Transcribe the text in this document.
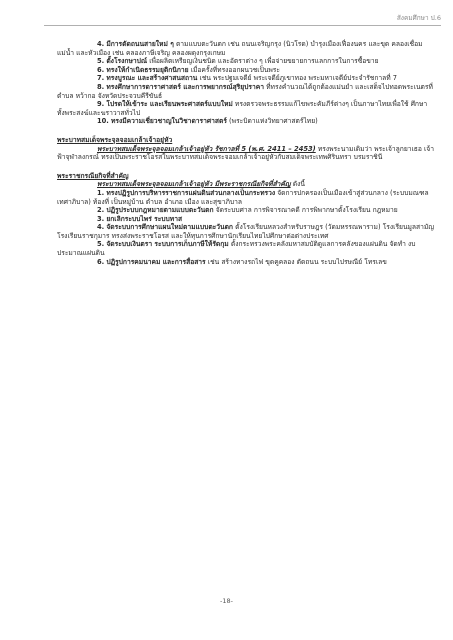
สังคมศึกษา ป.6

4. มีการตัดถนนสายใหม่ ๆ ตามแบบตะวันตก เช่น ถนนเจริญกรุง (นิวโรด) บำรุงเมืองเฟื่องนคร และขุด คลองเชื่อมแม่น้ำ และหัวเมือง เช่น คลองภาษีเจริญ คลองผดุงกรุงเกษม

5. ตั้งโรงกษาปณ์ เพื่อผลิตเหรียญเงินชนิด และอัตราต่าง ๆ เพื่อจ่ายขยายการแลกการในการซื้อขาย

6. ทรงให้กำเนิดธรรมยุติกนิกาย เมื่อครั้งที่ทรงออกผนวชเป็นพระ

7. ทรงบูรณะ และสร้างศาสนสถาน เช่น พระปฐมเจดีย์ พระเจดีย์ภูเขาทอง พระมหาเจดีย์ประจำรัชกาลที่ 7

8. ทรงศึกษาการดาราศาสตร์ และการพยากรณ์สุริยุปราคา ที่ทรงคำนวณได้ถูกต้องแม่นยำ และเสด็จไปทอดพระเนตรที่ตำบล หว้ากอ จังหวัดประจวบคีรีขันธ์

9. โปรดให้เข้าระ และเรียนพระศาสตร์แบบใหม่ ทรงตรวจพระธรรมแก้ไขพระคัมภีร์ต่างๆ เป็นภาษาไทยเพื่อใช้ ศึกษาทั้งพระสงฆ์และฆราวาสทั่วไป

10. ทรงมีความเชี่ยวชาญในวิชาดาราศาสตร์ (พระบิดาแห่งวิทยาศาสตร์ไทย)

พระบาทสมเด็จพระจุลจอมเกล้าเจ้าอยู่หัว

พระบาทสมเด็จพระจุลจอมเกล้าเจ้าอยู่หัว รัชกาลที่ 5 (พ.ศ. 2411 – 2453) ทรงพระนามเดิมว่า พระเจ้าลูกยาเธอ เจ้าฟ้าจุฬาลงกรณ์ ทรงเป็นพระราชโอรสในพระบาทสมเด็จพระจอมเกล้าเจ้าอยู่หัวกับสมเด็จพระเทพศิรินทรา บรมราชินี

พระราชกรณียกิจที่สำคัญ

พระบาทสมเด็จพระจุลจอมเกล้าเจ้าอยู่หัว มีพระราชกรณียกิจที่สำคัญ ดังนี้

1. ทรงปฏิรูปการบริหารราชการแผ่นดินส่วนกลางเป็นกระทรวง จัดการปกครองเป็นเมืองเข้าสู่ส่วนกลาง (ระบบมณฑลเทศาภิบาล) ท้องที่ เป็นหมู่บ้าน ตำบล อำเภอ เมือง และสุขาภิบาล

2. ปฏิรูประบบกฎหมายตามแบบตะวันตก จัดระบบศาล การพิจารณาคดี การพิพากษาตั้งโรงเรียน กฎหมาย

3. ยกเลิกระบบไพร่ ระบบทาส

4. จัดระบบการศึกษาแผนใหม่ตามแบบตะวันตก ตั้งโรงเรียนหลวงสำหรับราษฎร (วัดมหรรณพาราม) โรงเรียนมูลสามัญ โรงเรียนราชกุมาร ทรงส่งพระราชโอรส และให้ทุนการศึกษานักเรียนไทยไปศึกษาต่อต่างประเทศ

5. จัดระบบเงินตรา ระบบการเก็บภาษีให้รัดกุม ตั้งกระทรวงพระคลังมหาสมบัติดูแลการคลังของแผ่นดิน จัดทำ งบประมาณแผ่นดิน

6. ปฏิรูปการคมนาคม และการสื่อสาร เช่น สร้างทางรถไฟ ขุดคูคลอง ตัดถนน ระบบไปรษณีย์ โทรเลข

-18-
